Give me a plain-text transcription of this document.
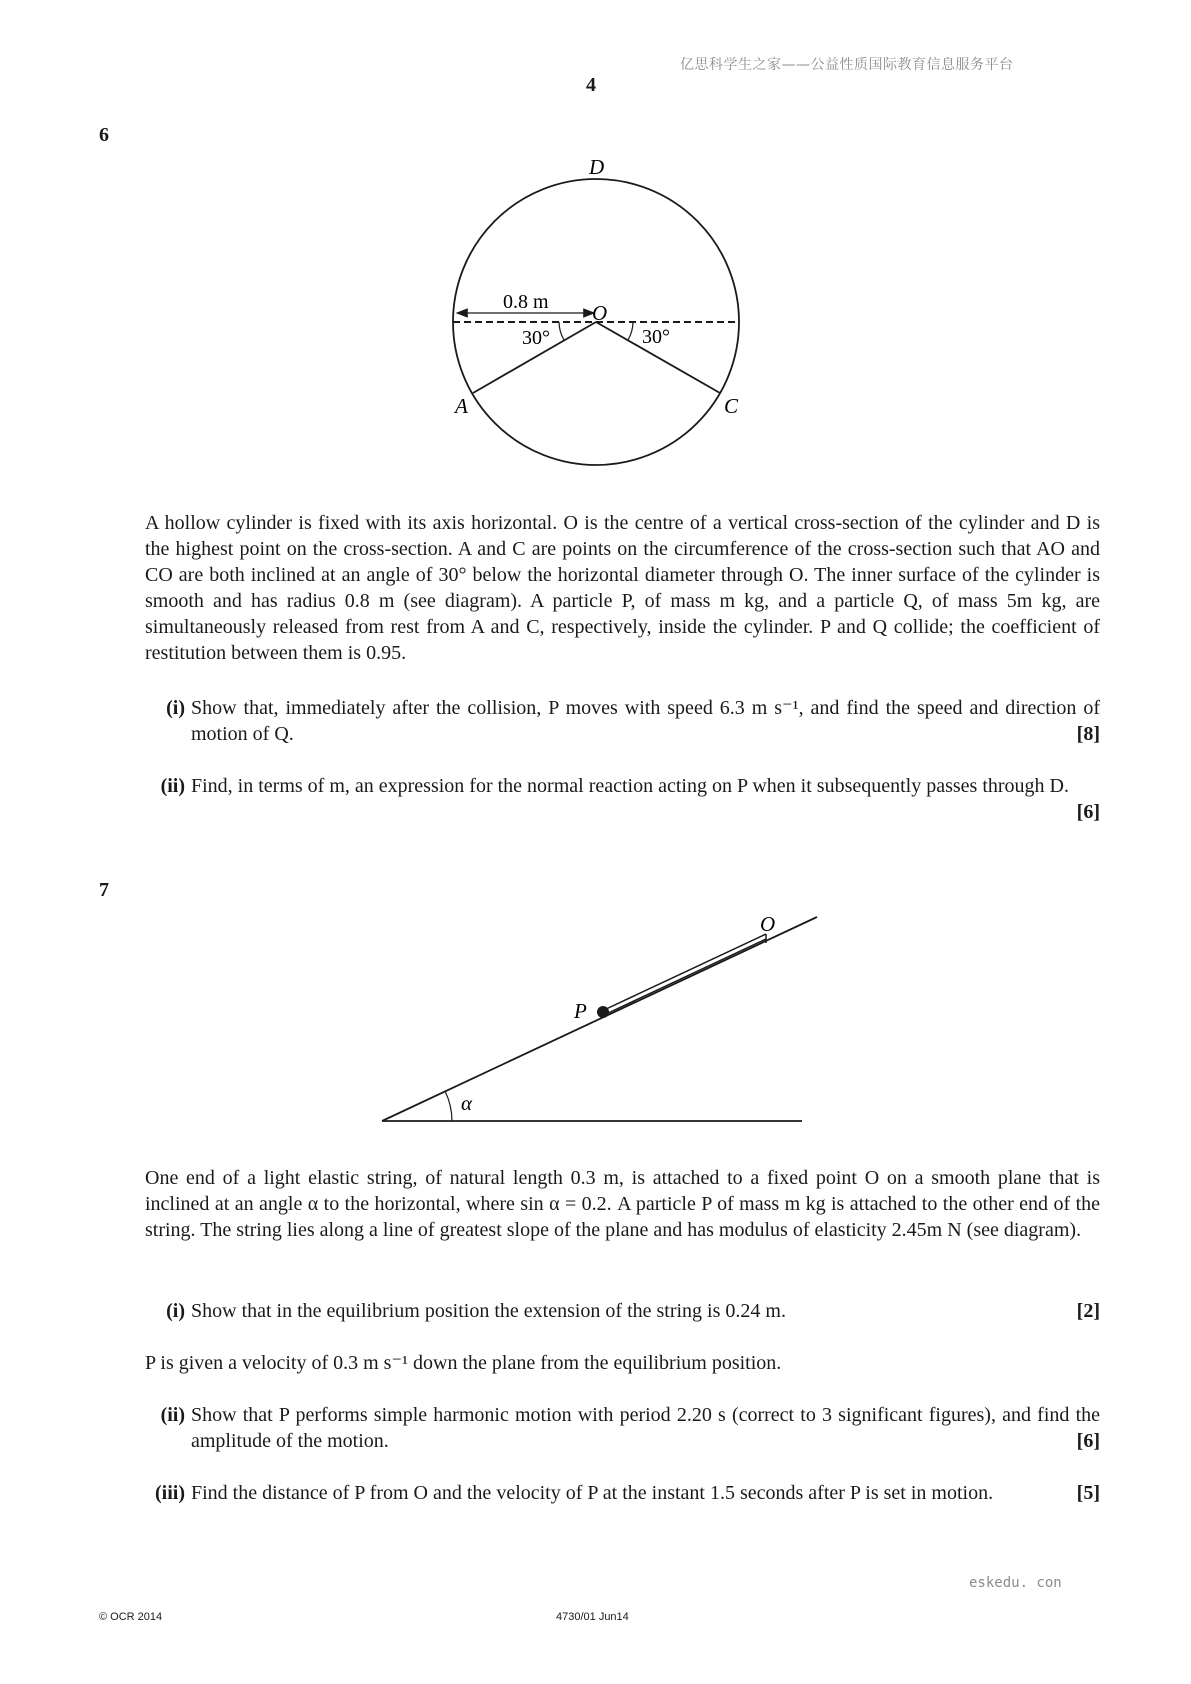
亿思科学生之家——公益性质国际教育信息服务平台
4
6
D
O
A	C
0.8 m
30°	30°

A hollow cylinder is fixed with its axis horizontal. O is the centre of a vertical cross-section of the cylinder and D is the highest point on the cross-section. A and C are points on the circumference of the cross-section such that AO and CO are both inclined at an angle of 30° below the horizontal diameter through O. The inner surface of the cylinder is smooth and has radius 0.8 m (see diagram). A particle P, of mass m kg, and a particle Q, of mass 5m kg, are simultaneously released from rest from A and C, respectively, inside the cylinder. P and Q collide; the coefficient of restitution between them is 0.95.

(i) Show that, immediately after the collision, P moves with speed 6.3 m s⁻¹, and find the speed and direction of motion of Q.	[8]
(ii) Find, in terms of m, an expression for the normal reaction acting on P when it subsequently passes through D.
[6]
7
O
P
α

One end of a light elastic string, of natural length 0.3 m, is attached to a fixed point O on a smooth plane that is inclined at an angle α to the horizontal, where sin α = 0.2. A particle P of mass m kg is attached to the other end of the string. The string lies along a line of greatest slope of the plane and has modulus of elasticity 2.45m N (see diagram).

(i) Show that in the equilibrium position the extension of the string is 0.24 m.	[2]

P is given a velocity of 0.3 m s⁻¹ down the plane from the equilibrium position.

(ii) Show that P performs simple harmonic motion with period 2.20 s (correct to 3 significant figures), and find the amplitude of the motion.	[6]
(iii) Find the distance of P from O and the velocity of P at the instant 1.5 seconds after P is set in motion.	[5]
eskedu. con
© OCR 2014	4730/01 Jun14
